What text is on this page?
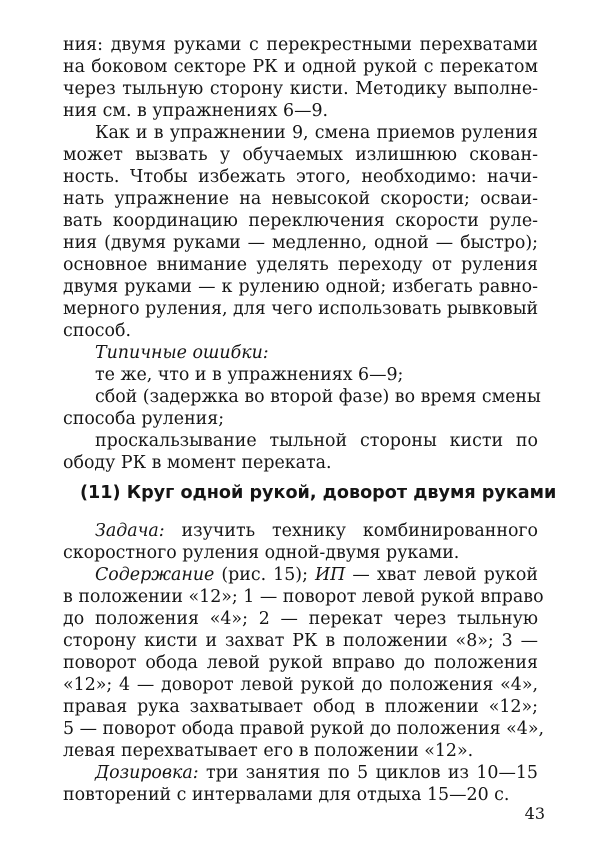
ния: двумя руками с перекрестными перехватами
на боковом секторе РК и одной рукой с перекатом
через тыльную сторону кисти. Методику выполне-
ния см. в упражнениях 6—9.
Как и в упражнении 9, смена приемов руления
может вызвать у обучаемых излишнюю скован-
ность. Чтобы избежать этого, необходимо: начи-
нать упражнение на невысокой скорости; осваи-
вать координацию переключения скорости руле-
ния (двумя руками — медленно, одной — быстро);
основное внимание уделять переходу от руления
двумя руками — к рулению одной; избегать равно-
мерного руления, для чего использовать рывковый
способ.
Типичные ошибки:
те же, что и в упражнениях 6—9;
сбой (задержка во второй фазе) во время смены
способа руления;
проскальзывание тыльной стороны кисти по
ободу РК в момент переката.
(11) Круг одной рукой, доворот двумя руками
Задача: изучить технику комбинированного
скоростного руления одной-двумя руками.
Содержание (рис. 15); ИП — хват левой рукой
в положении «12»; 1 — поворот левой рукой вправо
до положения «4»; 2 — перекат через тыльную
сторону кисти и захват РК в положении «8»; 3 —
поворот обода левой рукой вправо до положения
«12»; 4 — доворот левой рукой до положения «4»,
правая рука захватывает обод в пложении «12»;
5 — поворот обода правой рукой до положения «4»,
левая перехватывает его в положении «12».
Дозировка: три занятия по 5 циклов из 10—15
повторений с интервалами для отдыха 15—20 с.
43
